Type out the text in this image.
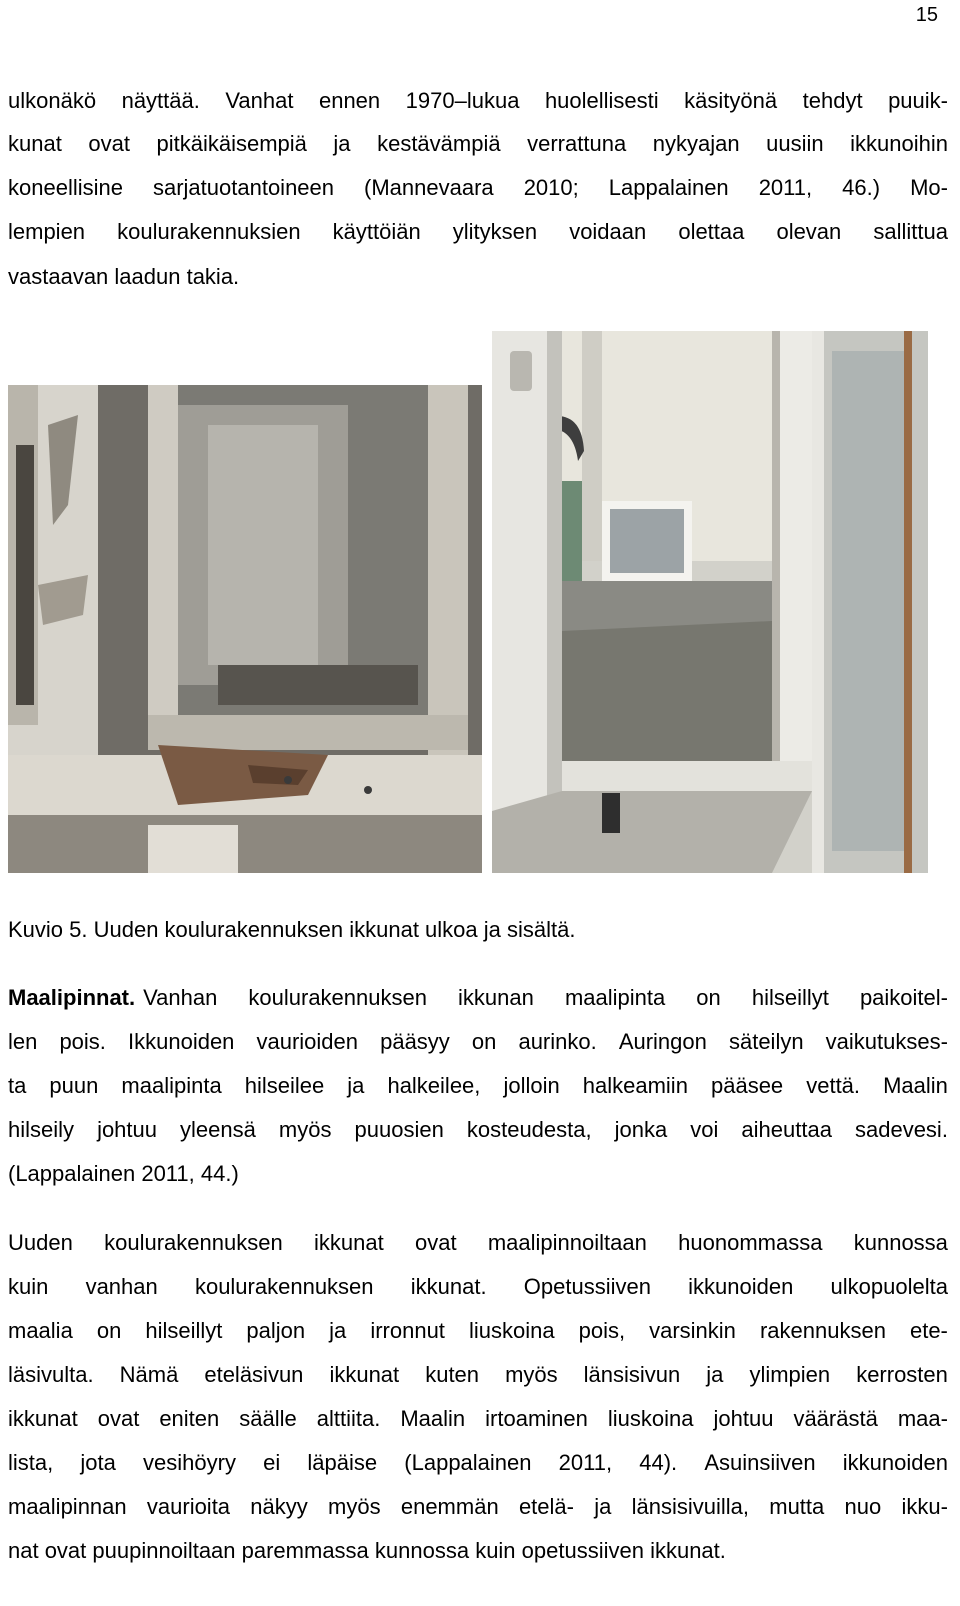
15
ulkonäkö näyttää. Vanhat ennen 1970–lukua huolellisesti käsityönä tehdyt puuik-
kunat ovat pitkäikäisempiä ja kestävämpiä verrattuna nykyajan uusiin ikkunoihin
koneellisine sarjatuotantoineen (Mannevaara 2010; Lappalainen 2011, 46.) Mo-
lempien koulurakennuksien käyttöiän ylityksen voidaan olettaa olevan sallittua
vastaavan laadun takia.
Kuvio 5. Uuden koulurakennuksen ikkunat ulkoa ja sisältä.
Maalipinnat. Vanhan koulurakennuksen ikkunan maalipinta on hilseillyt paikoitel-
len pois. Ikkunoiden vaurioiden pääsyy on aurinko. Auringon säteilyn vaikutukses-
ta puun maalipinta hilseilee ja halkeilee, jolloin halkeamiin pääsee vettä. Maalin
hilseily johtuu yleensä myös puuosien kosteudesta, jonka voi aiheuttaa sadevesi.
(Lappalainen 2011, 44.)
Uuden koulurakennuksen ikkunat ovat maalipinnoiltaan huonommassa kunnossa
kuin vanhan koulurakennuksen ikkunat. Opetussiiven ikkunoiden ulkopuolelta
maalia on hilseillyt paljon ja irronnut liuskoina pois, varsinkin rakennuksen ete-
läsivulta. Nämä eteläsivun ikkunat kuten myös länsisivun ja ylimpien kerrosten
ikkunat ovat eniten säälle alttiita. Maalin irtoaminen liuskoina johtuu väärästä maa-
lista, jota vesihöyry ei läpäise (Lappalainen 2011, 44). Asuinsiiven ikkunoiden
maalipinnan vaurioita näkyy myös enemmän etelä- ja länsisivuilla, mutta nuo ikku-
nat ovat puupinnoiltaan paremmassa kunnossa kuin opetussiiven ikkunat.
